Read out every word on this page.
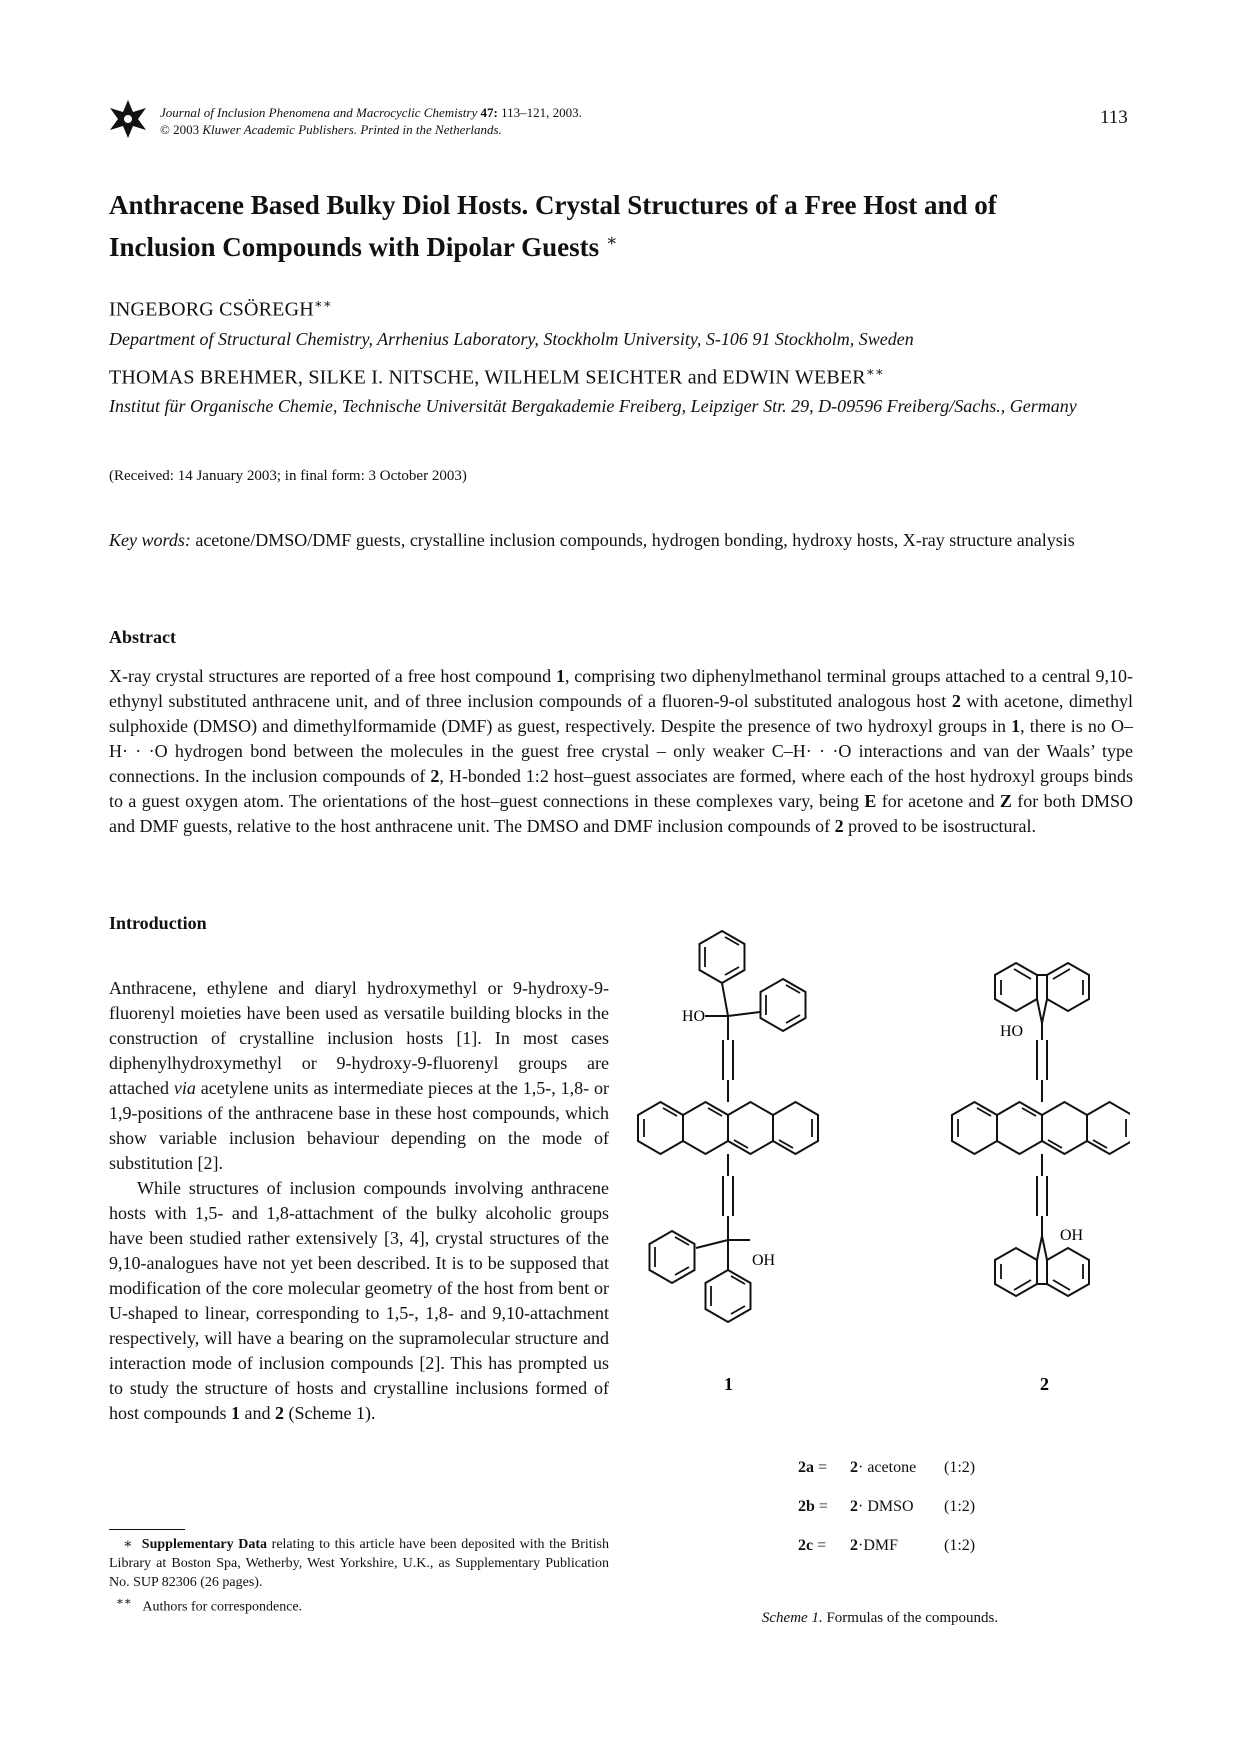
Journal of Inclusion Phenomena and Macrocyclic Chemistry 47: 113–121, 2003.
© 2003 Kluwer Academic Publishers. Printed in the Netherlands.
113
Anthracene Based Bulky Diol Hosts. Crystal Structures of a Free Host and of
Inclusion Compounds with Dipolar Guests ∗
INGEBORG CSÖREGH∗∗
Department of Structural Chemistry, Arrhenius Laboratory, Stockholm University, S-106 91 Stockholm, Sweden
THOMAS BREHMER, SILKE I. NITSCHE, WILHELM SEICHTER and EDWIN WEBER∗∗
Institut für Organische Chemie, Technische Universität Bergakademie Freiberg, Leipziger Str. 29, D-09596 Freiberg/Sachs., Germany
(Received: 14 January 2003; in final form: 3 October 2003)
Key words: acetone/DMSO/DMF guests, crystalline inclusion compounds, hydrogen bonding, hydroxy hosts, X-ray structure analysis
Abstract
X-ray crystal structures are reported of a free host compound 1, comprising two diphenylmethanol terminal groups attached to a central 9,10-ethynyl substituted anthracene unit, and of three inclusion compounds of a fluoren-9-ol substituted analogous host 2 with acetone, dimethyl sulphoxide (DMSO) and dimethylformamide (DMF) as guest, respectively. Despite the presence of two hydroxyl groups in 1, there is no O–H· · ·O hydrogen bond between the molecules in the guest free crystal – only weaker C–H· · ·O interactions and van der Waals’ type connections. In the inclusion compounds of 2, H-bonded 1:2 host–guest associates are formed, where each of the host hydroxyl groups binds to a guest oxygen atom. The orientations of the host–guest connections in these complexes vary, being E for acetone and Z for both DMSO and DMF guests, relative to the host anthracene unit. The DMSO and DMF inclusion compounds of 2 proved to be isostructural.
Introduction

Anthracene, ethylene and diaryl hydroxymethyl or 9-hydroxy-9-fluorenyl moieties have been used as versatile building blocks in the construction of crystalline inclusion hosts [1]. In most cases diphenylhydroxymethyl or 9-hydroxy-9-fluorenyl groups are attached via acetylene units as intermediate pieces at the 1,5-, 1,8- or 1,9-positions of the anthracene base in these host compounds, which show variable inclusion behaviour depending on the mode of substitution [2].

While structures of inclusion compounds involving anthracene hosts with 1,5- and 1,8-attachment of the bulky alcoholic groups have been studied rather extensively [3, 4], crystal structures of the 9,10-analogues have not yet been described. It is to be supposed that modification of the core molecular geometry of the host from bent or U-shaped to linear, corresponding to 1,5-, 1,8- and 9,10-attachment respectively, will have a bearing on the supramolecular structure and interaction mode of inclusion compounds [2]. This has prompted us to study the structure of hosts and crystalline inclusions formed of host compounds 1 and 2 (Scheme 1).

∗ Supplementary Data relating to this article have been deposited with the British Library at Boston Spa, Wetherby, West Yorkshire, U.K., as Supplementary Publication No. SUP 82306 (26 pages).

∗∗ Authors for correspondence.

HO
OH
HO
OH
1	2
2a = 2· acetone (1:2)
2b = 2· DMSO (1:2)
2c = 2·DMF	(1:2)
Scheme 1. Formulas of the compounds.
